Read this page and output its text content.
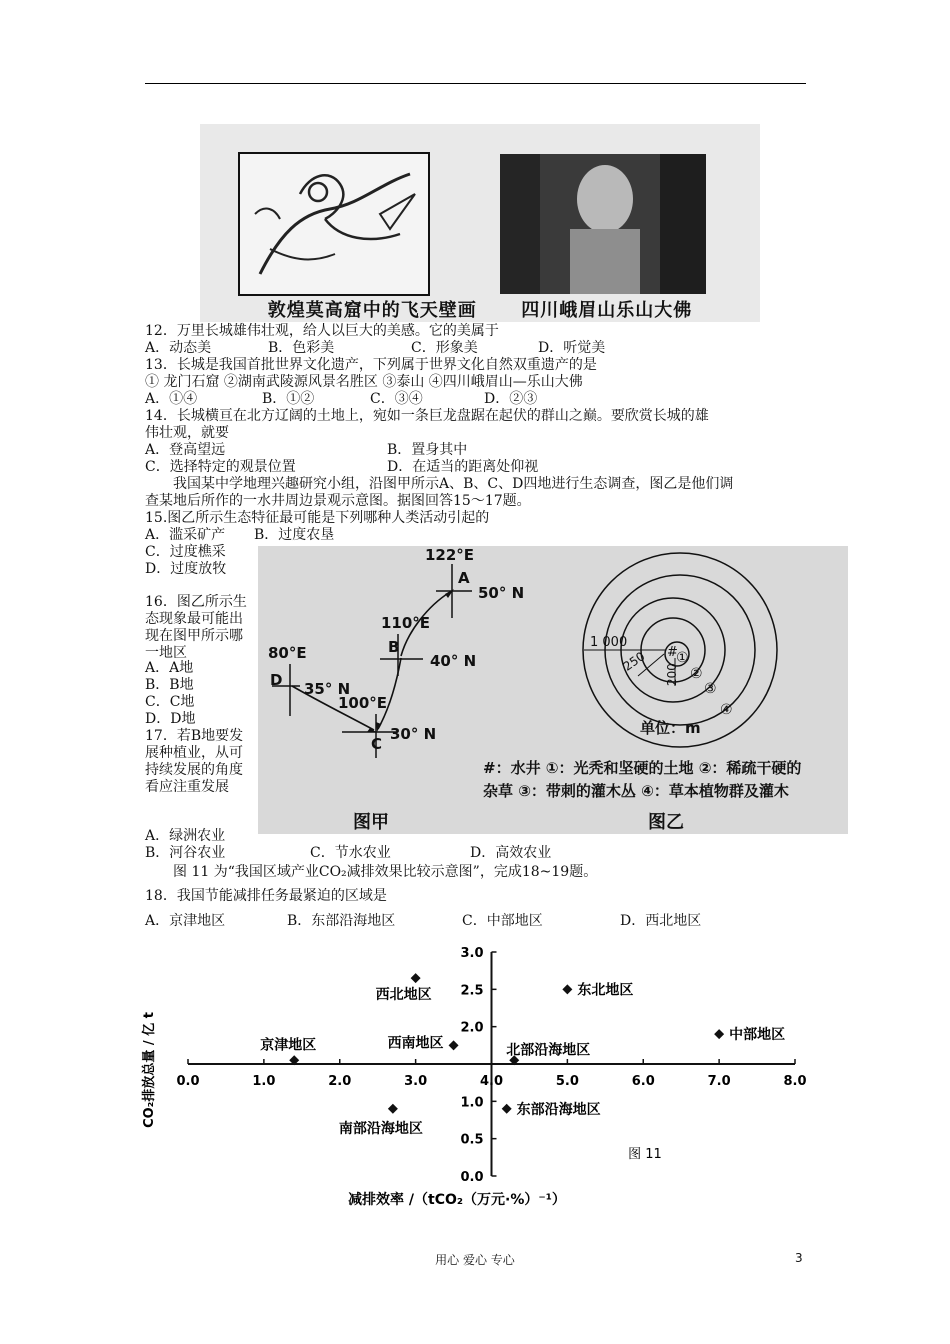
敦煌莫高窟中的飞天壁画 四川峨眉山乐山大佛
12．万里长城雄伟壮观，给人以巨大的美感。它的美属于
A．动态美	B．色彩美	C．形象美	D．听觉美
13．长城是我国首批世界文化遗产，下列属于世界文化自然双重遗产的是
① 龙门石窟 ②湖南武陵源风景名胜区 ③泰山 ④四川峨眉山—乐山大佛
A．①④	B．①②	C．③④	D．②③
14．长城横亘在北方辽阔的土地上，宛如一条巨龙盘踞在起伏的群山之巅。要欣赏长城的雄
伟壮观，就要
A．登高望远	B．置身其中
C．选择特定的观景位置	D．在适当的距离处仰视
我国某中学地理兴趣研究小组，沿图甲所示A、B、C、D四地进行生态调查，图乙是他们调
查某地后所作的一水井周边景观示意图。据图回答15～17题。
15.图乙所示生态特征最可能是下列哪种人类活动引起的
A．滥采矿产 B．过度农垦
C．过度樵采
D．过度放牧
16．图乙所示生态现象最可能出现在图甲所示哪一地区
A．A地
B．B地
C．C地
D．D地
17．若B地要发展种植业，从可持续发展的角度看应注重发展
A．绿洲农业
B．河谷农业	C．节水农业	D．高效农业
122°E
A
50° N
110°E
B
40° N
80°E
D 35° N
100°E
C
30° N
图甲
1 000
250
200
#
①
②
③
④
单位：m
#：水井 ①：光秃和坚硬的土地 ②：稀疏干硬的
杂草 ③：带刺的灌木丛 ④：草本植物群及灌木
图乙
图 11 为“我国区域产业CO₂减排效果比较示意图”，完成18~19题。
18．我国节能减排任务最紧迫的区域是
A．京津地区	B．东部沿海地区	C．中部地区	D．西北地区
0.0	1.0	2.0	3.0	4.0	5.0	6.0	7.0	8.0
0.0
0.5
1.0
2.0
2.5
3.0
西北地区	东北地区
中部地区
西南地区
京津地区	北部沿海地区
南部沿海地区
东部沿海地区
CO₂排放总量 / 亿 t
减排效率 /（tCO₂（万元·%）⁻¹）
图 11
用心 爱心 专心	3
